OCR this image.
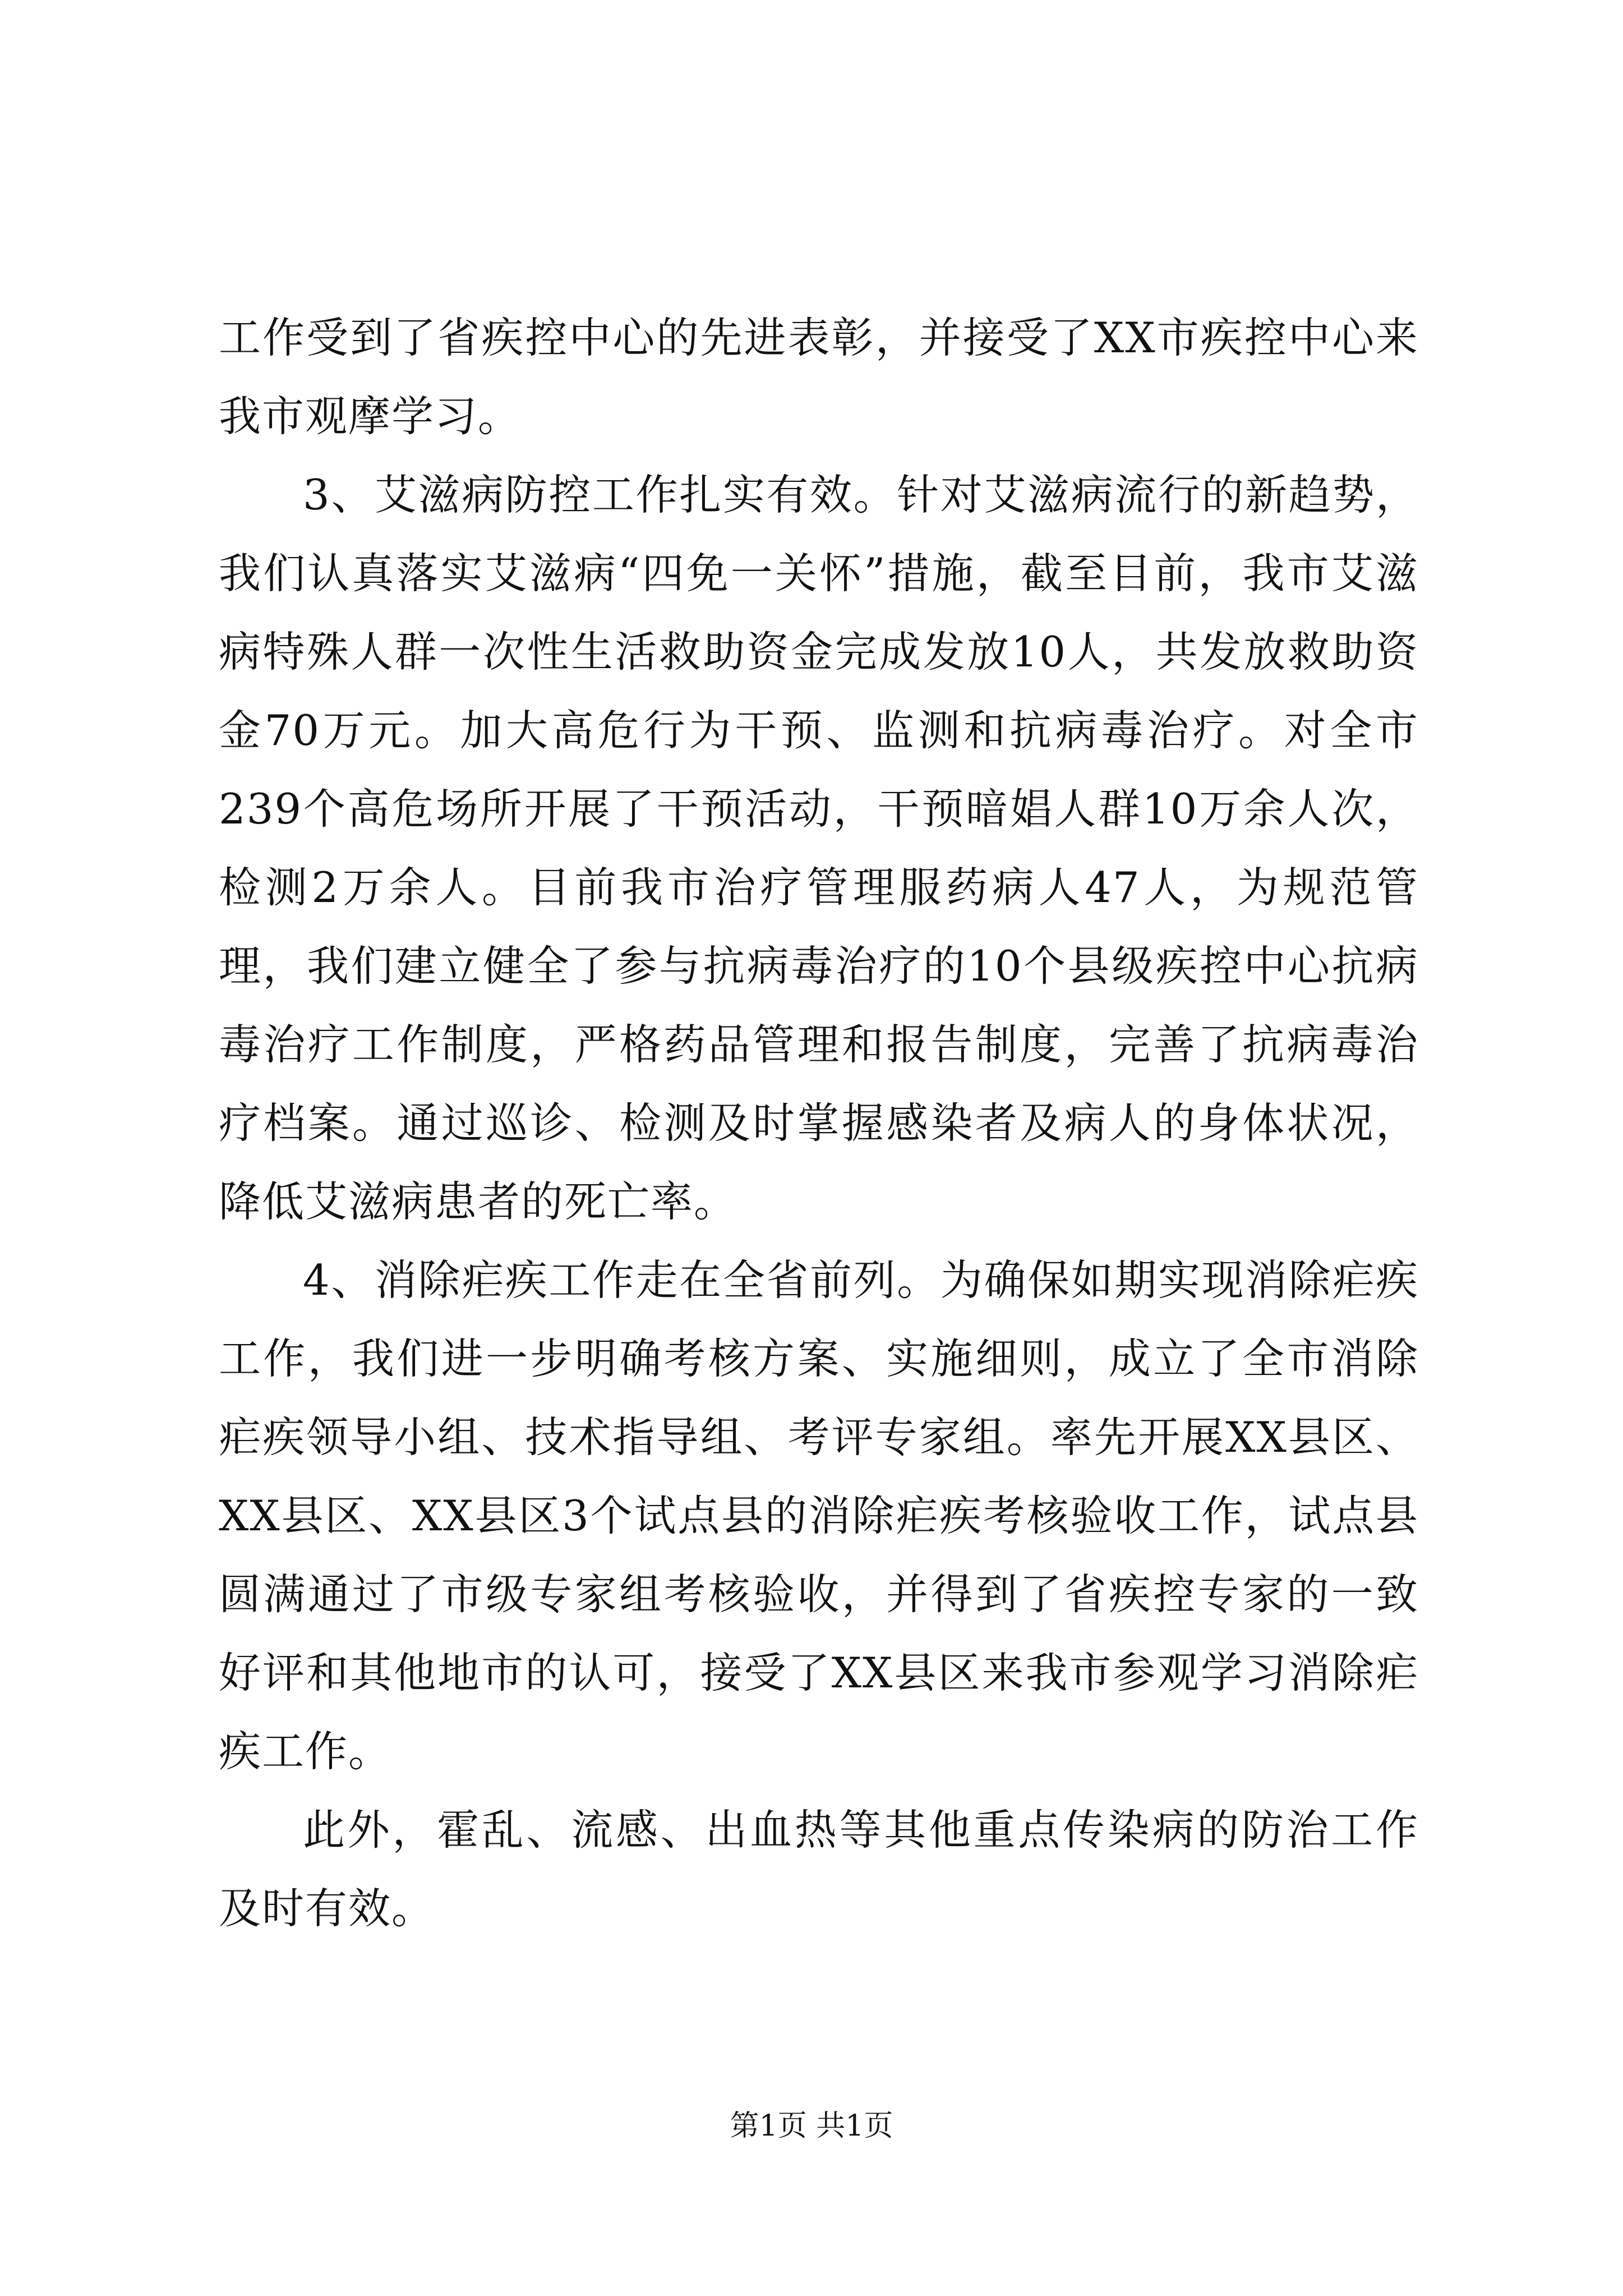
工作受到了省疾控中心的先进表彰，并接受了XX市疾控中心来我市观摩学习。

3、艾滋病防控工作扎实有效。针对艾滋病流行的新趋势，我们认真落实艾滋病“四免一关怀”措施，截至目前，我市艾滋病特殊人群一次性生活救助资金完成发放10人，共发放救助资金70万元。加大高危行为干预、监测和抗病毒治疗。对全市239个高危场所开展了干预活动，干预暗娼人群10万余人次，检测2万余人。目前我市治疗管理服药病人47人，为规范管理，我们建立健全了参与抗病毒治疗的10个县级疾控中心抗病毒治疗工作制度，严格药品管理和报告制度，完善了抗病毒治疗档案。通过巡诊、检测及时掌握感染者及病人的身体状况，降低艾滋病患者的死亡率。

4、消除疟疾工作走在全省前列。为确保如期实现消除疟疾工作，我们进一步明确考核方案、实施细则，成立了全市消除疟疾领导小组、技术指导组、考评专家组。率先开展XX县区、XX县区、XX县区3个试点县的消除疟疾考核验收工作，试点县圆满通过了市级专家组考核验收，并得到了省疾控专家的一致好评和其他地市的认可，接受了XX县区来我市参观学习消除疟疾工作。

此外，霍乱、流感、出血热等其他重点传染病的防治工作及时有效。

第1页 共1页
